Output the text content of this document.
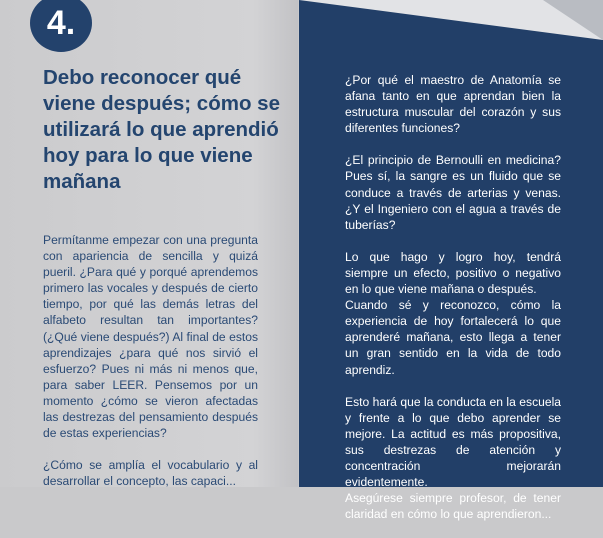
4.
Debo reconocer qué viene después; cómo se utilizará lo que aprendió hoy para lo que viene mañana

Permítanme empezar con una pregunta con apariencia de sencilla y quizá pueril. ¿Para qué y porqué aprendemos primero las vocales y después de cierto tiempo, por qué las demás letras del alfabeto resultan tan importantes? (¿Qué viene después?) Al final de estos aprendizajes ¿para qué nos sirvió el esfuerzo? Pues ni más ni menos que, para saber LEER. Pensemos por un momento ¿cómo se vieron afectadas las destrezas del pensamiento después de estas experiencias?

¿Cómo se amplía el vocabulario y al desarrollar el concepto, las capaci...

¿Por qué el maestro de Anatomía se afana tanto en que aprendan bien la estructura muscular del corazón y sus diferentes funciones?

¿El principio de Bernoulli en medicina? Pues sí, la sangre es un fluido que se conduce a través de arterias y venas. ¿Y el Ingeniero con el agua a través de tuberías?

Lo que hago y logro hoy, tendrá siempre un efecto, positivo o negativo en lo que viene mañana o después.

Cuando sé y reconozco, cómo la experiencia de hoy fortalecerá lo que aprenderé mañana, esto llega a tener un gran sentido en la vida de todo aprendiz.

Esto hará que la conducta en la escuela y frente a lo que debo aprender se mejore. La actitud es más propositiva, sus destrezas de atención y concentración mejorarán evidentemente.

Asegúrese siempre profesor, de tener claridad en cómo lo que aprendieron...
